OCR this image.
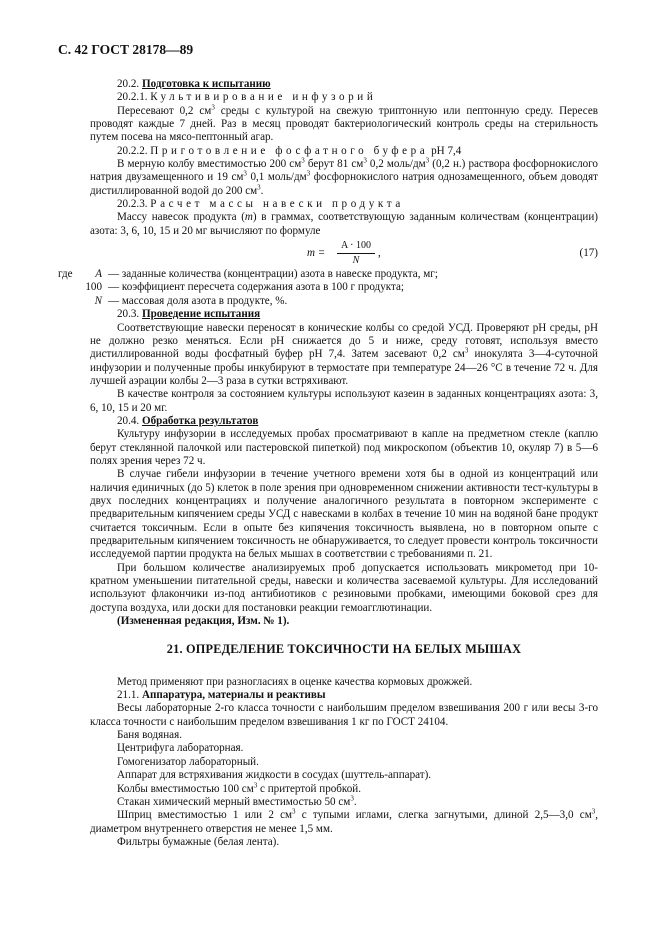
С. 42 ГОСТ 28178—89

20.2. Подготовка к испытанию

20.2.1. Культивирование инфузорий

Пересевают 0,2 $см^3$ среды с культурой на свежую триптонную или пептонную среду. Пересев проводят каждые 7 дней. Раз в месяц проводят бактериологический контроль среды на стерильность путем посева на мясо-пептонный агар.

20.2.2. Приготовление фосфатного буфера рН 7,4

В мерную колбу вместимостью 200 $см^3$ берут 81 $см^3$ 0,2 моль/$дм^3$ (0,2 н.) раствора фосфорнокислого натрия двузамещенного и 19 $см^3$ 0,1 моль/$дм^3$ фосфорнокислого натрия однозамещенного, объем доводят дистиллированной водой до 200 $см^3$.

20.2.3. Расчет массы навески продукта

Массу навесок продукта (m) в граммах, соответствующую заданным количествам (концентрации) азота: 3, 6, 10, 15 и 20 мг вычисляют по формуле

$m = \frac{A \cdot 100}{N}$ ,	(17)
где	A — заданные количества (концентрации) азота в навеске продукта, мг;
100 — коэффициент пересчета содержания азота в 100 г продукта;
N — массовая доля азота в продукте, %.

20.3. Проведение испытания

Соответствующие навески переносят в конические колбы со средой УСД. Проверяют рН среды, рН не должно резко меняться. Если рН снижается до 5 и ниже, среду готовят, используя вместо дистиллированной воды фосфатный буфер рН 7,4. Затем засевают 0,2 $см^3$ инокулята 3—4-суточной инфузории и полученные пробы инкубируют в термостате при температуре 24—26 °С в течение 72 ч. Для лучшей аэрации колбы 2—3 раза в сутки встряхивают.

В качестве контроля за состоянием культуры используют казеин в заданных концентрациях азота: 3, 6, 10, 15 и 20 мг.

20.4. Обработка результатов

Культуру инфузории в исследуемых пробах просматривают в капле на предметном стекле (каплю берут стеклянной палочкой или пастеровской пипеткой) под микроскопом (объектив 10, окуляр 7) в 5—6 полях зрения через 72 ч.

В случае гибели инфузории в течение учетного времени хотя бы в одной из концентраций или наличия единичных (до 5) клеток в поле зрения при одновременном снижении активности тест-культуры в двух последних концентрациях и получение аналогичного результата в повторном эксперименте с предварительным кипячением среды УСД с навесками в колбах в течение 10 мин на водяной бане продукт считается токсичным. Если в опыте без кипячения токсичность выявлена, но в повторном опыте с предварительным кипячением токсичность не обнаруживается, то следует провести контроль токсичности исследуемой партии продукта на белых мышах в соответствии с требованиями п. 21.

При большом количестве анализируемых проб допускается использовать микрометод при 10-кратном уменьшении питательной среды, навески и количества засеваемой культуры. Для исследований используют флакончики из-под антибиотиков с резиновыми пробками, имеющими боковой срез для доступа воздуха, или доски для постановки реакции гемоагглютинации.

(Измененная редакция, Изм. № 1).

21. ОПРЕДЕЛЕНИЕ ТОКСИЧНОСТИ НА БЕЛЫХ МЫШАХ

Метод применяют при разногласиях в оценке качества кормовых дрожжей.

21.1. Аппаратура, материалы и реактивы

Весы лабораторные 2-го класса точности с наибольшим пределом взвешивания 200 г или весы 3-го класса точности с наибольшим пределом взвешивания 1 кг по ГОСТ 24104.

Баня водяная.

Центрифуга лабораторная.

Гомогенизатор лабораторный.

Аппарат для встряхивания жидкости в сосудах (шуттель-аппарат).

Колбы вместимостью 100 $см^3$ с притертой пробкой.

Стакан химический мерный вместимостью 50 $см^3$.

Шприц вместимостью 1 или 2 $см^3$ с тупыми иглами, слегка загнутыми, длиной 2,5—3,0 $см^3$, диаметром внутреннего отверстия не менее 1,5 мм.

Фильтры бумажные (белая лента).
